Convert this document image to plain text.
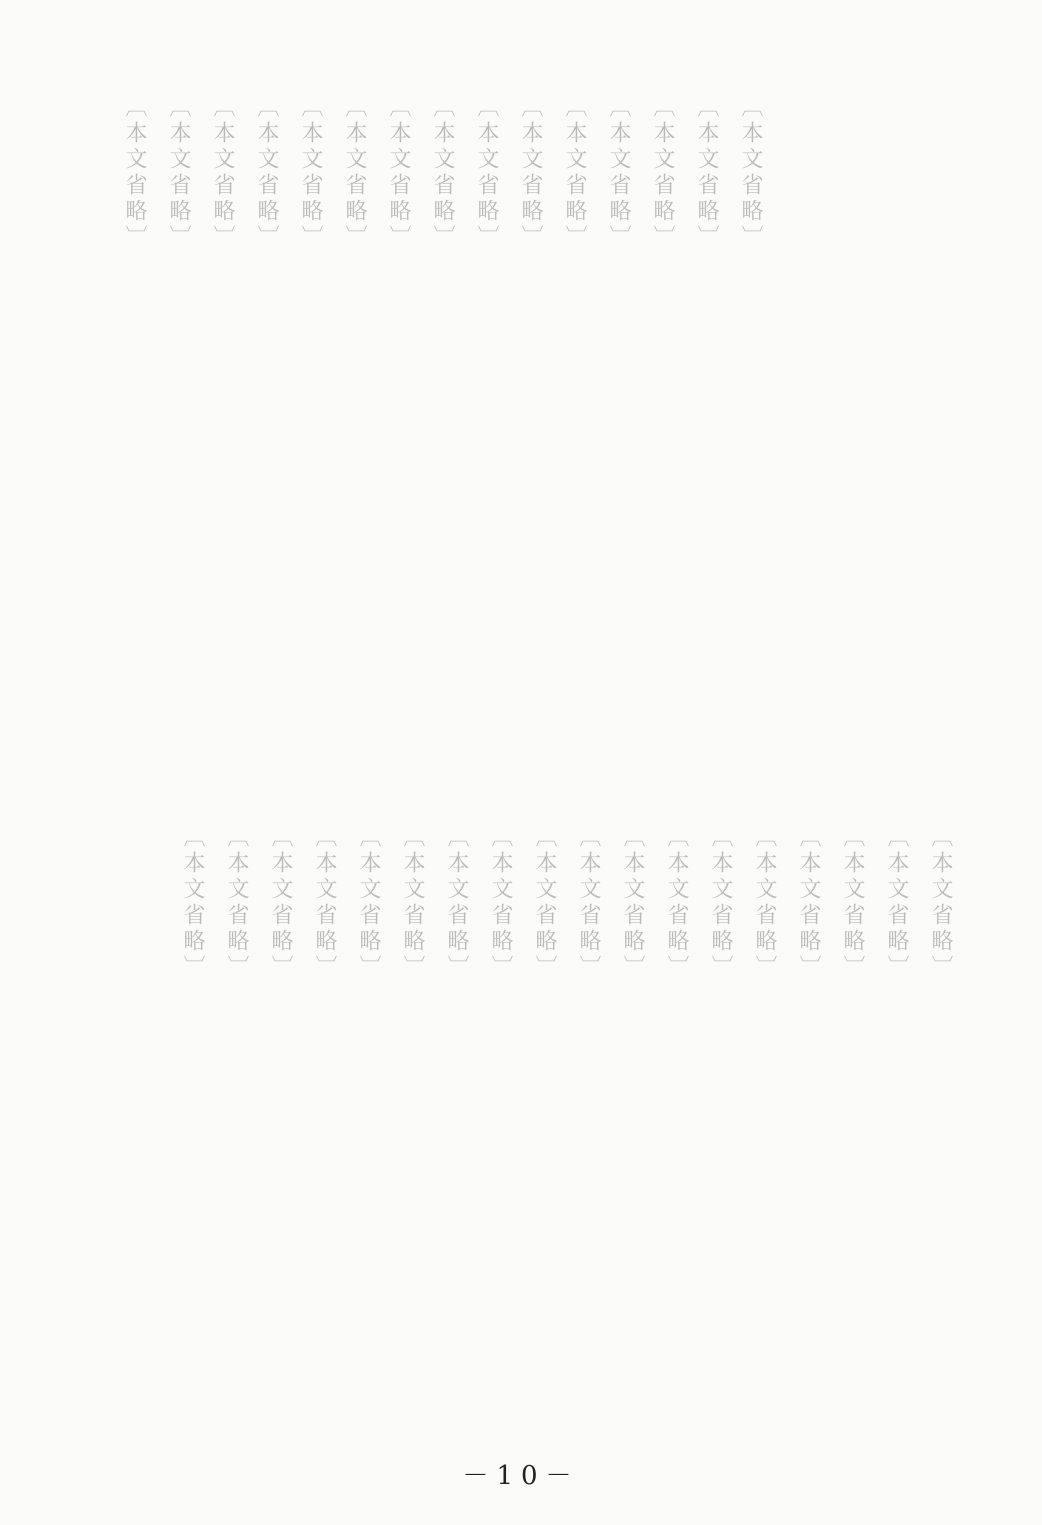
〔本文省略〕
〔本文省略〕
〔本文省略〕
〔本文省略〕
〔本文省略〕
〔本文省略〕
〔本文省略〕
〔本文省略〕
〔本文省略〕
〔本文省略〕
〔本文省略〕
〔本文省略〕
〔本文省略〕
〔本文省略〕
〔本文省略〕
〔本文省略〕
〔本文省略〕
〔本文省略〕
〔本文省略〕
〔本文省略〕
〔本文省略〕
〔本文省略〕
〔本文省略〕
〔本文省略〕
〔本文省略〕
〔本文省略〕
〔本文省略〕
〔本文省略〕
〔本文省略〕
〔本文省略〕
〔本文省略〕
〔本文省略〕
〔本文省略〕
－10－
